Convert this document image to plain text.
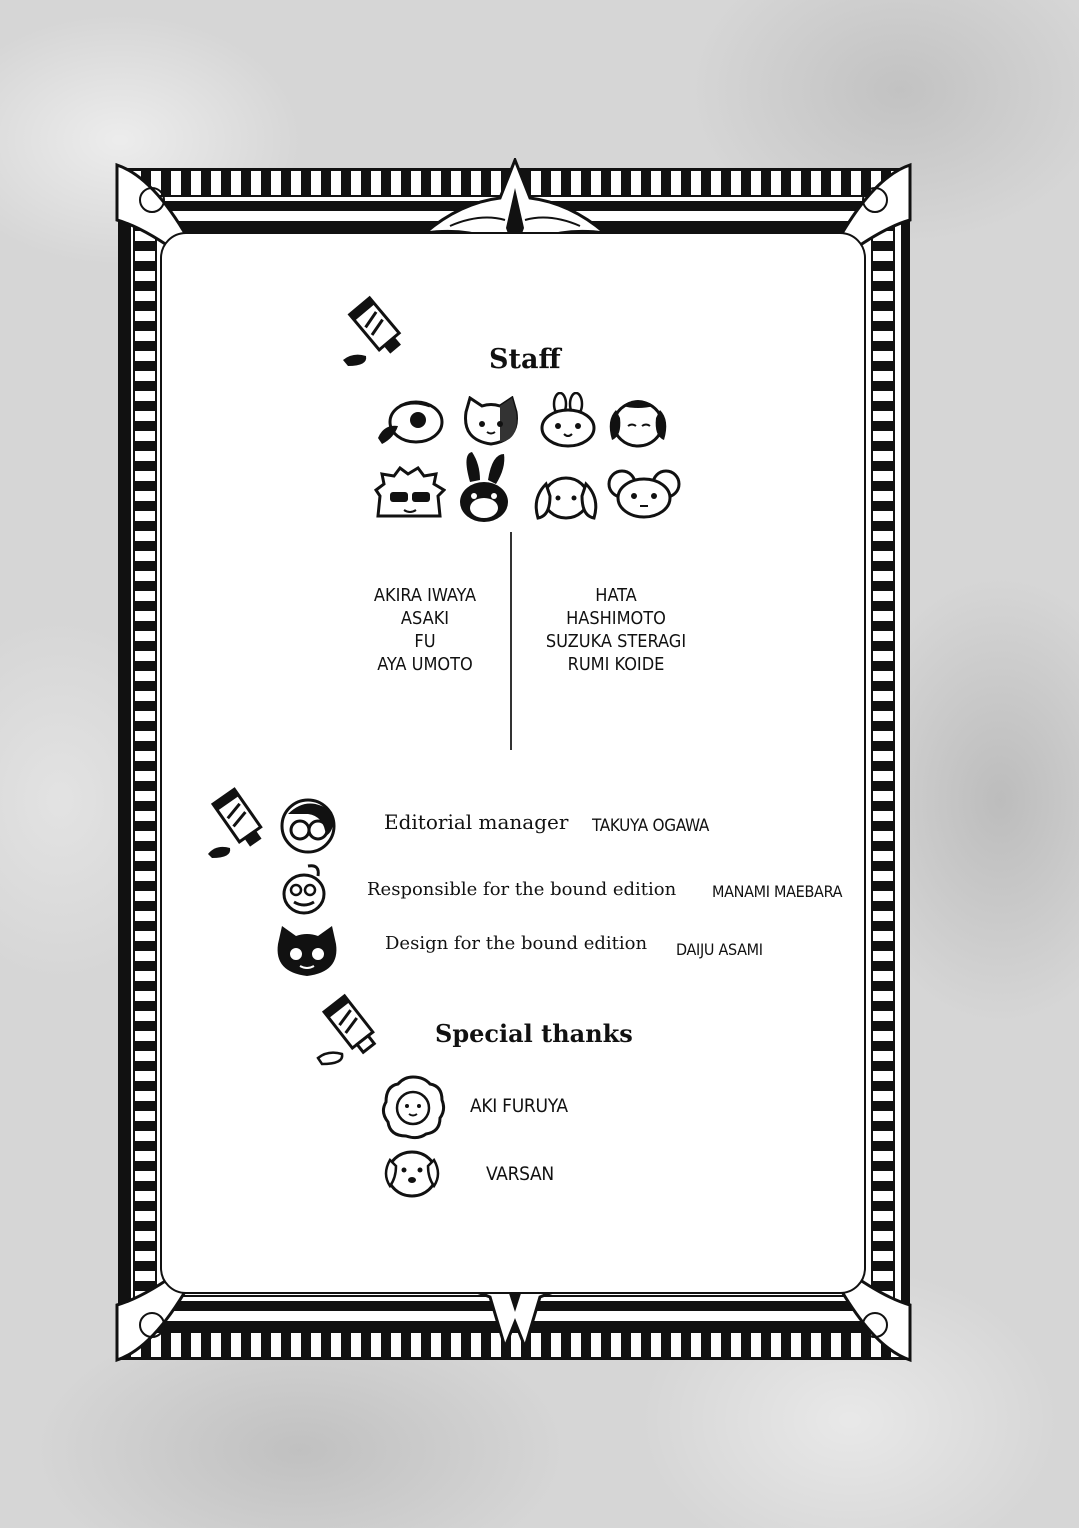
Staff
AKIRA IWAYA
ASAKI
FU
AYA UMOTO
HATA
HASHIMOTO
SUZUKA STERAGI
RUMI KOIDE
Editorial manager TAKUYA OGAWA
Responsible for the bound edition MANAMI MAEBARA
Design for the bound edition DAIJU ASAMI
Special thanks
AKI FURUYA
VARSAN
